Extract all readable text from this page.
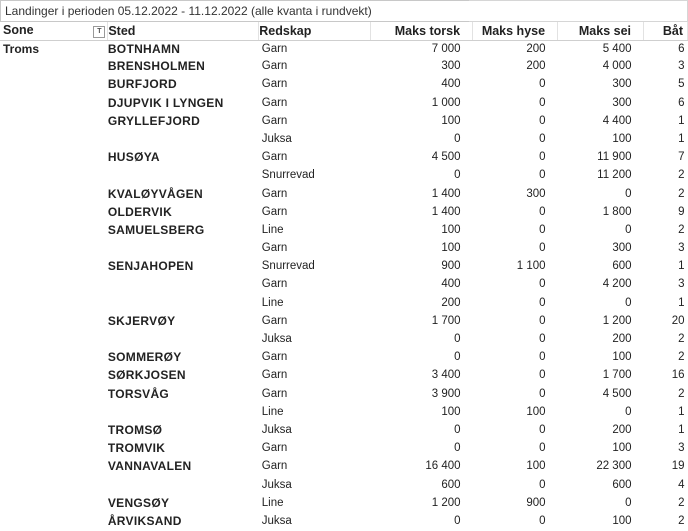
Landinger i perioden 05.12.2022 - 11.12.2022 (alle kvanta i rundvekt)
Sone T	Sted	Redskap	Maks torsk	Maks hyse	Maks sei	Båt
Troms	BOTNHAMN	Garn	7 000	200	5 400	6
	BRENSHOLMEN	Garn	300	200	4 000	3
	BURFJORD	Garn	400	0	300	5
	DJUPVIK I LYNGEN	Garn	1 000	0	300	6
	GRYLLEFJORD	Garn	100	0	4 400	1
		Juksa	0	0	100	1
	HUSØYA	Garn	4 500	0	11 900	7
		Snurrevad	0	0	11 200	2
	KVALØYVÅGEN	Garn	1 400	300	0	2
	OLDERVIK	Garn	1 400	0	1 800	9
	SAMUELSBERG	Line	100	0	0	2
		Garn	100	0	300	3
	SENJAHOPEN	Snurrevad	900	1 100	600	1
		Garn	400	0	4 200	3
		Line	200	0	0	1
	SKJERVØY	Garn	1 700	0	1 200	20
		Juksa	0	0	200	2
	SOMMERØY	Garn	0	0	100	2
	SØRKJOSEN	Garn	3 400	0	1 700	16
	TORSVÅG	Garn	3 900	0	4 500	2
		Line	100	100	0	1
	TROMSØ	Juksa	0	0	200	1
	TROMVIK	Garn	0	0	100	3
	VANNAVALEN	Garn	16 400	100	22 300	19
		Juksa	600	0	600	4
	VENGSØY	Line	1 200	900	0	2
	ÅRVIKSAND	Juksa	0	0	100	2
